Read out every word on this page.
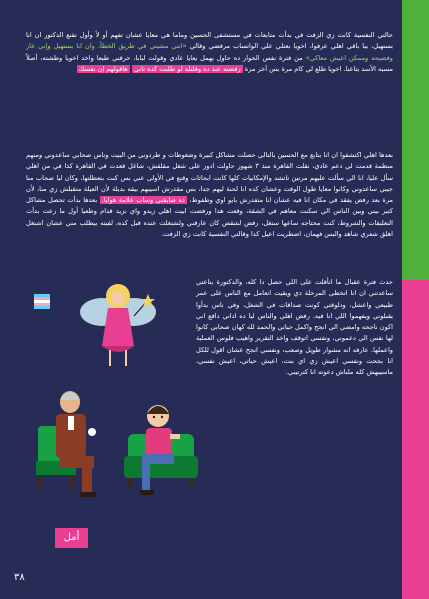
حالتي النفسية كانت زي الزفت في بدأت متابعات في مستشفى الحسين وماما هي معايا عشان تفهم أو لأ وأول تقنع الدكتور ان انا بستهبل، بيا باقي اهلي عرفوا، اخويا بعتلي علي الواتساب مرفضي وقالي «انتي مشيتي في طريق الخطأ، وان انا بستهبل وإني عار وفضيحه وممكن اعيش معاكي» من فترة نفس الحوار ده حاول يهمل يعايا عادي وقولت لبابا، حرقني طبعا واخد اخويا وطشته، أصلاً مسبه الأسد بتاعنا. اخويا طلع لي كام مرة بس آخر مرة رفضته عند ده وقلتله لو طلبت كده تاني هاقولهم إن نفسك

بعدها اهلي اكتشفوا ان انا بتابع مع الحسين بالتالي حصلت مشاكل كبيرة وضغوطات و طردوني من البيت وناس صحابي ساعدوني ومنهم منظمة قدمت لي دعم عادي، نقلت القاهرة منذ ٣ شهور حاولت ادور على شغل مقلقش، شاغل قعدت في القاهرة كذا في من اهلي سأل عليا، انا الي سألت عليهم مرتين تاتشد والإمكانيات كلها كانت ابحاثات وقنع في الأولى عني بس كنت بتعطلتها، وكان ليا صحاب منا جيبي ساعدوني وكانوا معايا طول الوقت وعشان كده انا لحنة ليهم جدا، بس مقدرش اسيبهم بيقه بديلة لأن العيلة متقبلش زي منا، لأن مرة بعد رفض يفقد في مكان انا فيه عشان انا متقدرش بايو اوي وطفوط، ده ضايقني وساب علامة هوايا. بعدها بدأت تحصل مشاكل كتير بيني وبين الناس الي سكنت معاهم في الشقة، وقعت هدا ورفضت ابيت اهلي زيدو واي نزيد قدام وطعيا أول ما زعت بدأت التعليقات والشروط، كنت محتاجه ساعها ستغل، رفض لشقص كان عارفني ولشتغلت عنده قبل كده، لقيته بيطلب مني عشان اشتغل اهلق شعري شاهد والبس فهمان، اضطريت اعيل كدا وقالتي النفسية كانت زي الزفت.

حدث فترة عقبال ما اتأقلت على اللي حصل دا كله، والدكتورة بتاعتي ساعدتني ان انا اتخطى المرحلة دي ويقيت اتعامل مع الناس على عمر طبيعي واعشل، ودلوقتي كونت صداقات في الشغل، وفي ناس بدأوا يقبلوني ويفهموا اللي انا فيه. رفض اهلي والناس ليا ده اداني دافع اني اكون ناجحه وامضي الي انجح واكمل حياتي والحمد لله كهان صحابي كانوا لها نفس الي دعموني، ونفسي اتوقف واخد التقرير واهيب فلوس العملية واعملها. عارفه انه مشوار طويل وصعب، ونفسي انجح عشان اقول للكل انا بجحت ونفسي اعيش زي اي بنت، اعيش حياتي، اعيش نفسي، ماسيبهش كله ملناش دعوته انا كترتيبي.

أمل
٣٨
